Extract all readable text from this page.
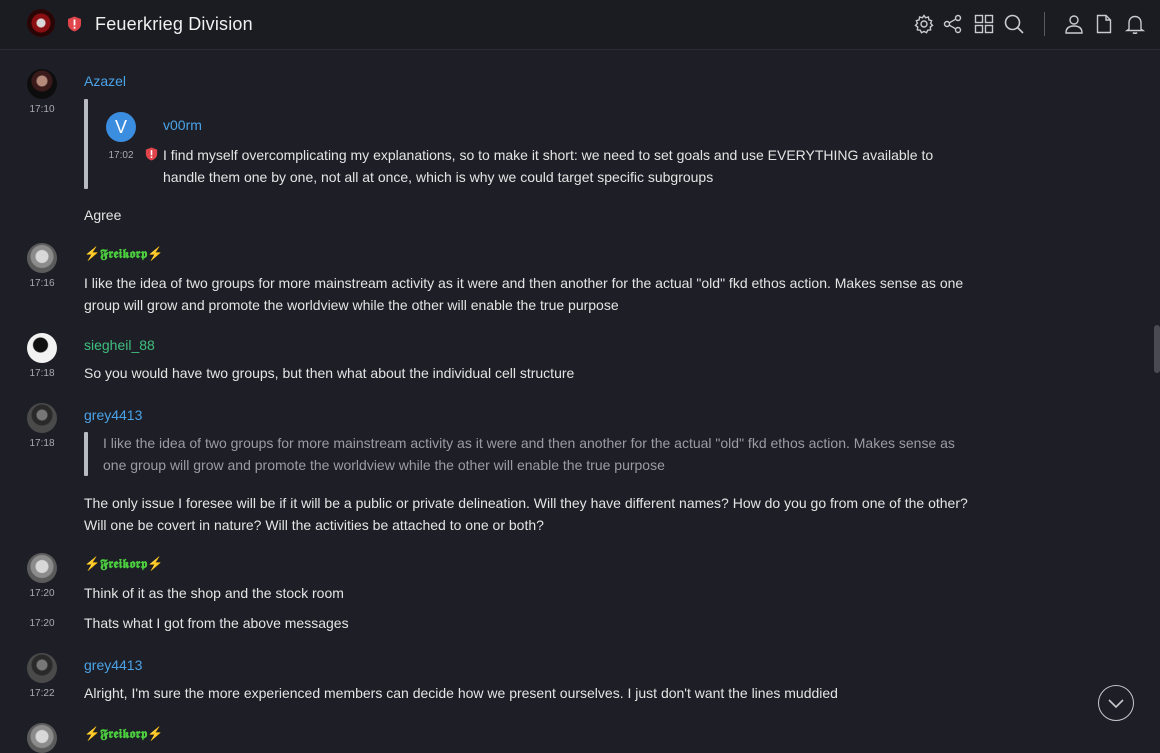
Feuerkrieg Division
17:10
Azazel
V	v00rm
17:02 I find myself overcomplicating my explanations, so to make it short: we need to set goals and use EVERYTHING available to handle them one by one, not all at once, which is why we could target specific subgroups
Agree
17:16
⚡𝕱𝖗𝖊𝖎𝖐𝖔𝖗𝖕⚡
I like the idea of two groups for more mainstream activity as it were and then another for the actual "old" fkd ethos action. Makes sense as one group will grow and promote the worldview while the other will enable the true purpose
17:18
siegheil_88
So you would have two groups, but then what about the individual cell structure
17:18
grey4413
I like the idea of two groups for more mainstream activity as it were and then another for the actual "old" fkd ethos action. Makes sense as one group will grow and promote the worldview while the other will enable the true purpose
The only issue I foresee will be if it will be a public or private delineation. Will they have different names? How do you go from one of the other? Will one be covert in nature? Will the activities be attached to one or both?
17:20
⚡𝕱𝖗𝖊𝖎𝖐𝖔𝖗𝖕⚡
Think of it as the shop and the stock room
17:20 Thats what I got from the above messages
17:22
grey4413
Alright, I'm sure the more experienced members can decide how we present ourselves. I just don't want the lines muddied
⚡𝕱𝖗𝖊𝖎𝖐𝖔𝖗𝖕⚡
